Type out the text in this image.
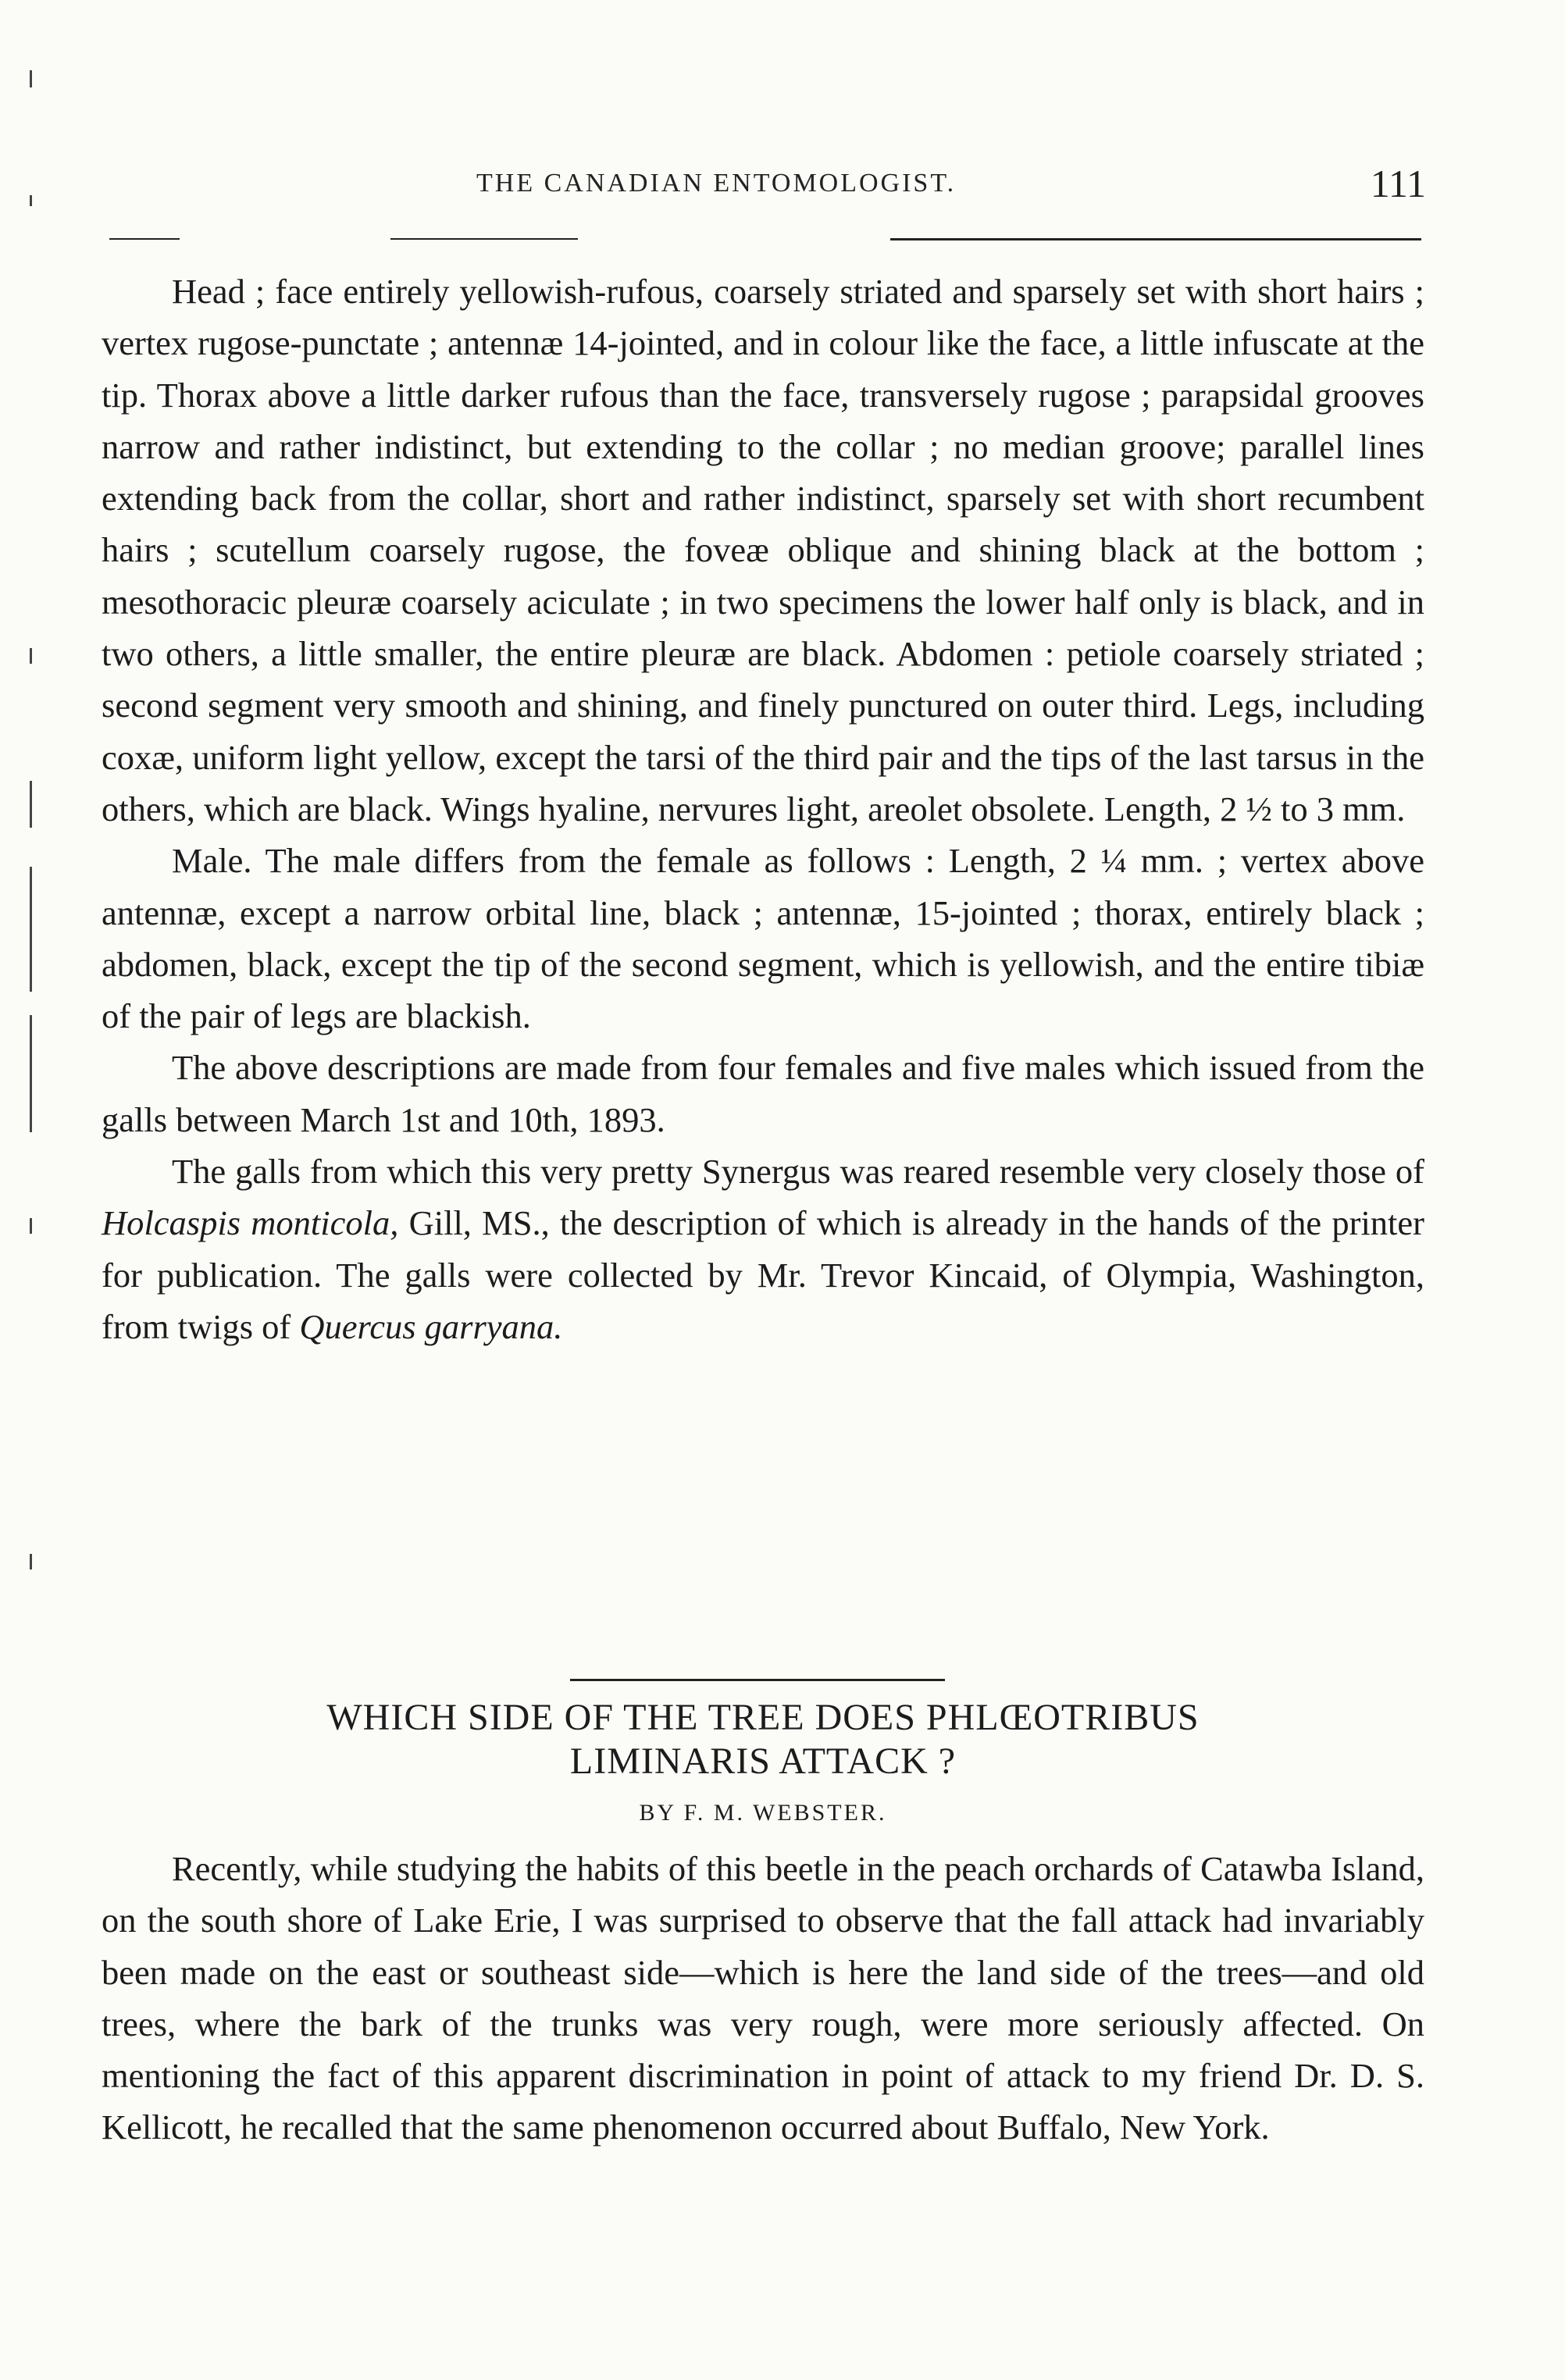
THE CANADIAN ENTOMOLOGIST.	111

Head ; face entirely yellowish-rufous, coarsely striated and sparsely set with short hairs ; vertex rugose-punctate ; antennæ 14-jointed, and in colour like the face, a little infuscate at the tip. Thorax above a little darker rufous than the face, transversely rugose ; parapsidal grooves narrow and rather indistinct, but extending to the collar ; no median groove; parallel lines extending back from the collar, short and rather indistinct, sparsely set with short recumbent hairs ; scutellum coarsely rugose, the foveæ oblique and shining black at the bottom ; mesothoracic pleuræ coarsely aciculate ; in two specimens the lower half only is black, and in two others, a little smaller, the entire pleuræ are black. Abdomen : petiole coarsely striated ; second segment very smooth and shining, and finely punctured on outer third. Legs, including coxæ, uniform light yellow, except the tarsi of the third pair and the tips of the last tarsus in the others, which are black. Wings hyaline, nervures light, areolet obsolete. Length, 2 ½ to 3 mm.

Male. The male differs from the female as follows : Length, 2 ¼ mm. ; vertex above antennæ, except a narrow orbital line, black ; antennæ, 15-jointed ; thorax, entirely black ; abdomen, black, except the tip of the second segment, which is yellowish, and the entire tibiæ of the pair of legs are blackish.

The above descriptions are made from four females and five males which issued from the galls between March 1st and 10th, 1893.

The galls from which this very pretty Synergus was reared resemble very closely those of Holcaspis monticola, Gill, MS., the description of which is already in the hands of the printer for publication. The galls were collected by Mr. Trevor Kincaid, of Olympia, Washington, from twigs of Quercus garryana.

WHICH SIDE OF THE TREE DOES PHLŒOTRIBUS
LIMINARIS ATTACK ?
BY F. M. WEBSTER.

Recently, while studying the habits of this beetle in the peach orchards of Catawba Island, on the south shore of Lake Erie, I was surprised to observe that the fall attack had invariably been made on the east or southeast side—which is here the land side of the trees—and old trees, where the bark of the trunks was very rough, were more seriously affected. On mentioning the fact of this apparent discrimination in point of attack to my friend Dr. D. S. Kellicott, he recalled that the same phenomenon occurred about Buffalo, New York.
